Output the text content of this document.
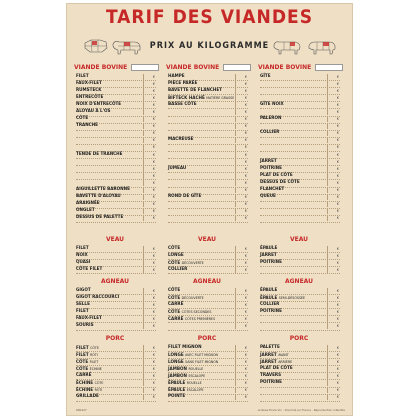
TARIF DES VIANDES
PRIX AU KILOGRAMME
VIANDE BOVINE	VIANDE BOVINE	VIANDE BOVINE
FILET	€
FAUX-FILET	€
RUMSTECK	€
ENTRECÔTE	€
NOIX D'ENTRECÔTE	€
ALOYAU À L'OS	€
CÔTE	€
TRANCHE	€
€
€
€
TENDE DE TRANCHE	€
€
€
€
€
AIGUILLETTE BARONNE	€
BAVETTE D'ALOYAU	€
ARAIGNÉE	€
ONGLET	€
DESSUS DE PALETTE	€
HAMPE	€
PIÈCE PARÉE	€
BAVETTE DE FLANCHET	€
BIFTECK HACHÉ MATIÈRE GRASSE	€
BASSE CÔTE	€
€
€
€
€
MACREUSE	€
€
€
€
JUMEAU	€
€
€
€
ROND DE GÎTE	€
€
€
€
GÎTE	€
€
€
€
GÎTE NOIX	€
€
PALERON	€
€
COLLIER	€
€
€
€
JARRET	€
POITRINE	€
PLAT DE CÔTE	€
DESSUS DE CÔTE	€
FLANCHET	€
QUEUE	€
€
€
€
VEAU	VEAU	VEAU
FILET	€
NOIX	€
QUASI	€
CÔTE FILET	€
CÔTE	€
LONGE	€
CÔTE DÉCOUVERTE	€
COLLIER	€
ÉPAULE	€
JARRET	€
POITRINE	€
€
AGNEAU	AGNEAU	AGNEAU
GIGOT	€
GIGOT RACCOURCI	€
SELLE	€
FILET	€
FAUX-FILET	€
SOURIS	€
CÔTE	€
CÔTE DÉCOUVERTE	€
CARRÉ	€
CÔTE CÔTES SECONDES	€
CARRÉ CÔTES PREMIÈRES	€
€
ÉPAULE	€
ÉPAULE SEMI-DÉSOSSÉE	€
COLLIER	€
POITRINE	€
€
€
PORC	PORC	PORC
FILET CÔTE	€
FILET RÔTI	€
CÔTE FILET	€
CÔTE ÉCHINE	€
CARRÉ	€
ÉCHINE CÔTE	€
ÉCHINE RÔTI	€
GRILLADE	€
FILET MIGNON	€
LONGE AVEC FILET MIGNON	€
LONGE SANS FILET MIGNON	€
JAMBON ROUELLE	€
JAMBON ESCALOPE	€
ÉPAULE ROUELLE	€
ÉPAULE ESCALOPE	€
POINTE	€
PALETTE	€
JARRET AVANT	€
JARRET ARRIÈRE	€
PLAT DE CÔTE	€
TRAVERS	€
POITRINE	€
€
€
000427	Ardoise Ecole Vin - Imprimé en France - Reproduction interdite
